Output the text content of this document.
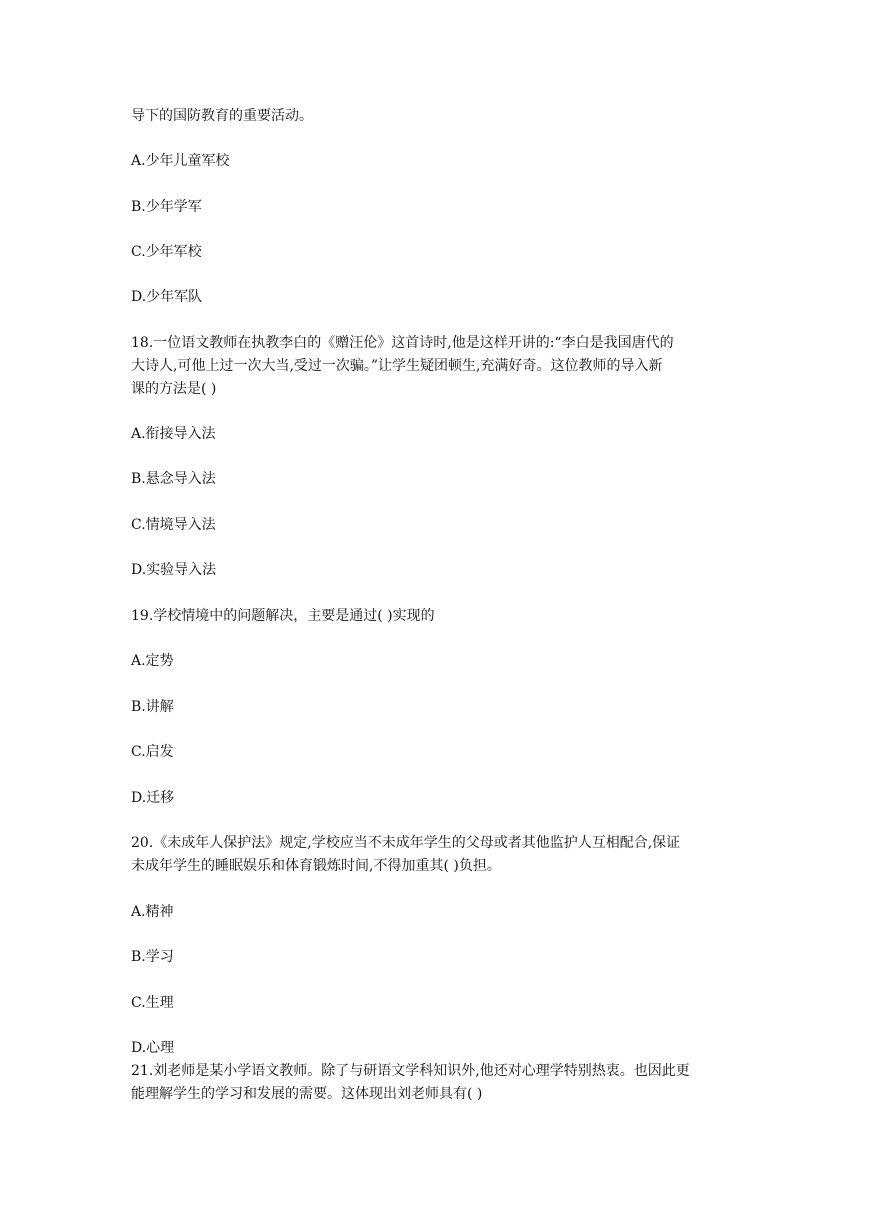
导下的国防教育的重要活动。

A.少年儿童军校

B.少年学军

C.少年军校

D.少年军队

18.一位语文教师在执教李白的《赠汪伦》这首诗时,他是这样开讲的:“李白是我国唐代的

大诗人,可他上过一次大当,受过一次骗。”让学生疑团顿生,充满好奇。这位教师的导入新

课的方法是( )

A.衔接导入法

B.悬念导入法

C.情境导入法

D.实验导入法

19.学校情境中的问题解决，主要是通过( )实现的

A.定势

B.讲解

C.启发

D.迁移

20.《未成年人保护法》规定,学校应当不未成年学生的父母或者其他监护人互相配合,保证

未成年学生的睡眠娱乐和体育锻炼时间,不得加重其( )负担。

A.精神

B.学习

C.生理

D.心理

21.刘老师是某小学语文教师。除了与研语文学科知识外,他还对心理学特别热衷。也因此更

能理解学生的学习和发展的需要。这体现出刘老师具有( )
